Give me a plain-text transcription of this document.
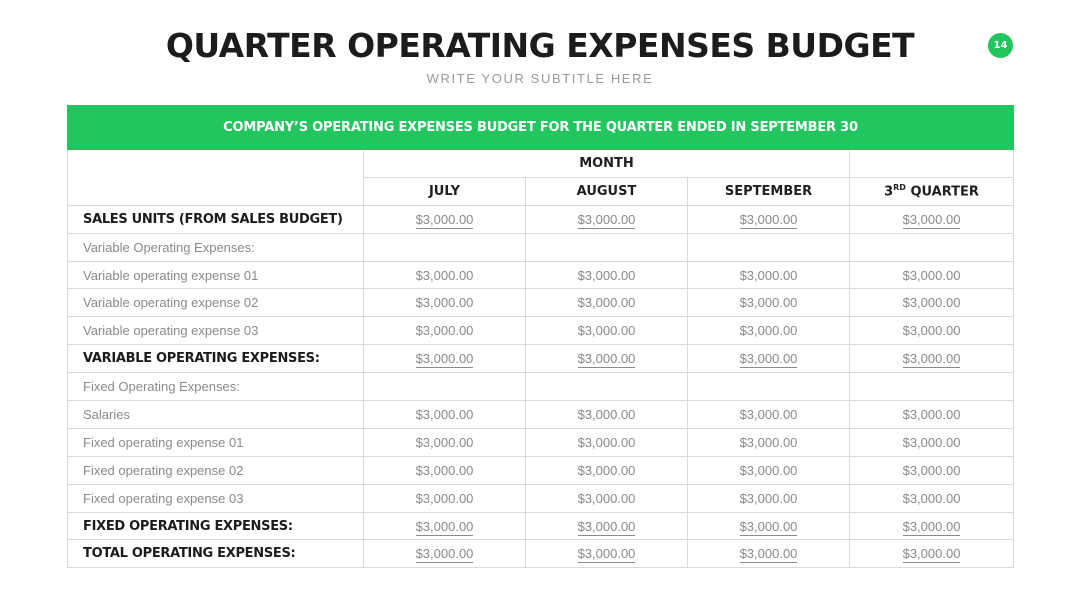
QUARTER OPERATING EXPENSES BUDGET
WRITE YOUR SUBTITLE HERE
14
COMPANY’S OPERATING EXPENSES BUDGET FOR THE QUARTER ENDED IN SEPTEMBER 30				
	MONTH			
	JULY	AUGUST	SEPTEMBER	3RD QUARTER
SALES UNITS (FROM SALES BUDGET)	$3,000.00	$3,000.00	$3,000.00	$3,000.00
Variable Operating Expenses:				
Variable operating expense 01	$3,000.00	$3,000.00	$3,000.00	$3,000.00
Variable operating expense 02	$3,000.00	$3,000.00	$3,000.00	$3,000.00
Variable operating expense 03	$3,000.00	$3,000.00	$3,000.00	$3,000.00
VARIABLE OPERATING EXPENSES:	$3,000.00	$3,000.00	$3,000.00	$3,000.00
Fixed Operating Expenses:				
Salaries	$3,000.00	$3,000.00	$3,000.00	$3,000.00
Fixed operating expense 01	$3,000.00	$3,000.00	$3,000.00	$3,000.00
Fixed operating expense 02	$3,000.00	$3,000.00	$3,000.00	$3,000.00
Fixed operating expense 03	$3,000.00	$3,000.00	$3,000.00	$3,000.00
FIXED OPERATING EXPENSES:	$3,000.00	$3,000.00	$3,000.00	$3,000.00
TOTAL OPERATING EXPENSES:	$3,000.00	$3,000.00	$3,000.00	$3,000.00
